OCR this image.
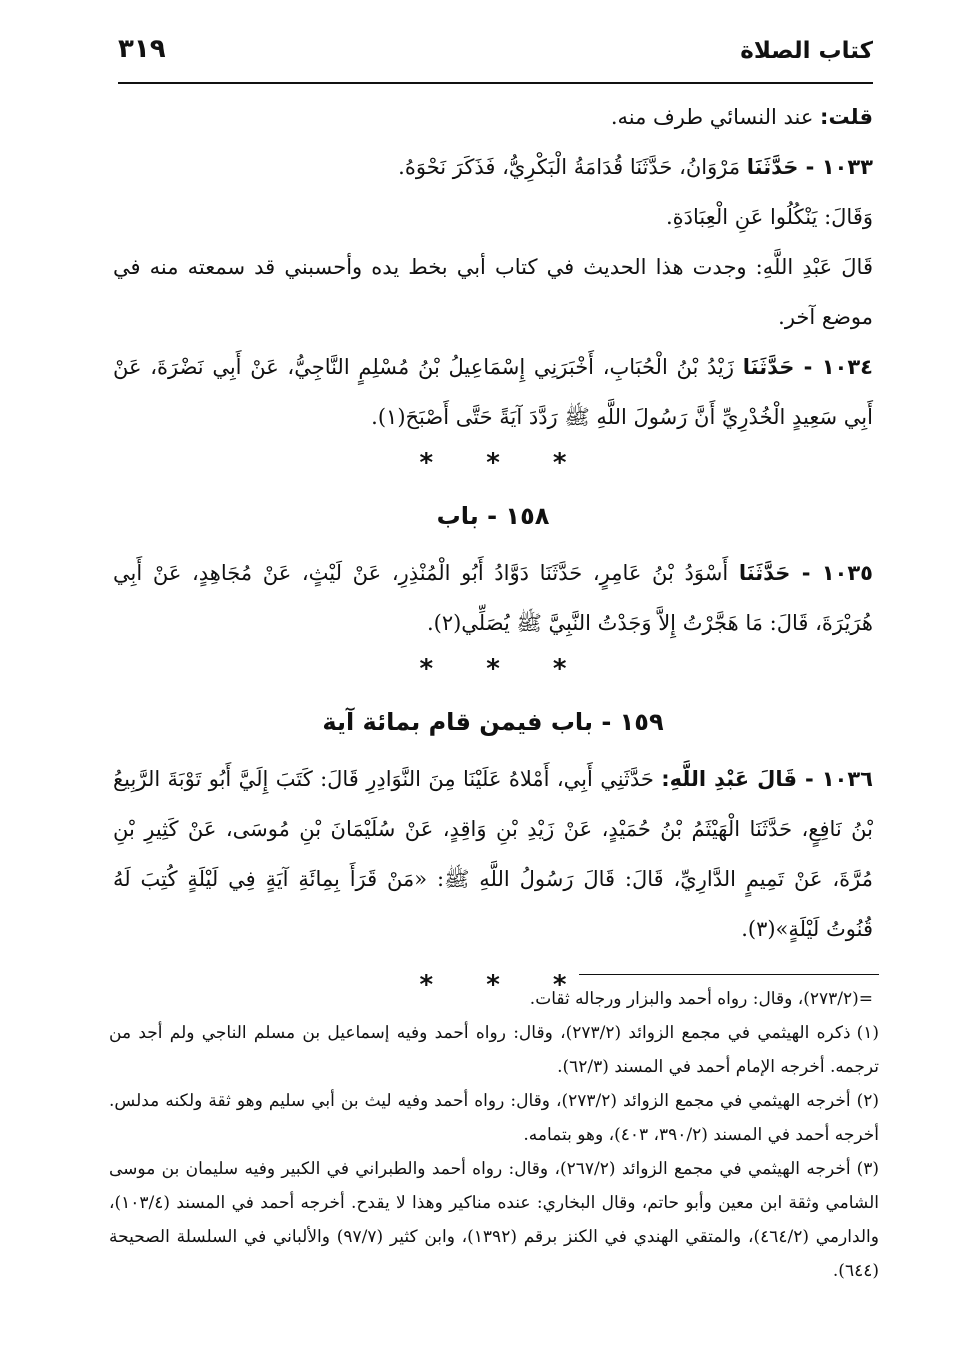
كتاب الصلاة
٣١٩

قلت: عند النسائي طرف منه.

١٠٣٣ - حَدَّثَنَا مَرْوَانُ، حَدَّثَنَا قُدَامَةُ الْبَكْرِيُّ، فَذَكَرَ نَحْوَهُ.

وَقَالَ: يَنْكُلُوا عَنِ الْعِبَادَةِ.

قَالَ عَبْدِ اللَّهِ: وجدت هذا الحديث في كتاب أبي بخط يده وأحسبني قد سمعته منه في موضع آخر.

١٠٣٤ - حَدَّثَنَا زَيْدُ بْنُ الْحُبَابِ، أَخْبَرَنِي إِسْمَاعِيلُ بْنُ مُسْلِمٍ النَّاجِيُّ، عَنْ أَبِي نَضْرَةَ، عَنْ أَبِي سَعِيدٍ الْخُدْرِيِّ أَنَّ رَسُولَ اللَّهِ ﷺ رَدَّدَ آيَةً حَتَّى أَصْبَحَ(١).

* * *
١٥٨ - باب

١٠٣٥ - حَدَّثَنَا أَسْوَدُ بْنُ عَامِرٍ، حَدَّثَنَا دَوَّادُ أَبُو الْمُنْذِرِ، عَنْ لَيْثٍ، عَنْ مُجَاهِدٍ، عَنْ أَبِي هُرَيْرَةَ، قَالَ: مَا هَجَّرْتُ إِلاَّ وَجَدْتُ النَّبِيَّ ﷺ يُصَلِّي(٢).

* * *
١٥٩ - باب فيمن قام بمائة آية

١٠٣٦ - قَالَ عَبْدِ اللَّهِ: حَدَّثَنِي أَبِي، أَمْلاهُ عَلَيْنَا مِنَ النَّوَادِرِ قَالَ: كَتَبَ إِلَيَّ أَبُو تَوْبَةَ الرَّبِيعُ بْنُ نَافِعٍ، حَدَّثَنَا الْهَيْثَمُ بْنُ حُمَيْدٍ، عَنْ زَيْدِ بْنِ وَاقِدٍ، عَنْ سُلَيْمَانَ بْنِ مُوسَى، عَنْ كَثِيرِ بْنِ مُرَّةَ، عَنْ تَمِيمٍ الدَّارِيِّ، قَالَ: قَالَ رَسُولُ اللَّهِ ﷺ: «مَنْ قَرَأَ بِمِائَةِ آيَةٍ فِي لَيْلَةٍ كُتِبَ لَهُ قُنُوتُ لَيْلَةٍ»(٣).

* * *

=(٢٧٣/٢)، وقال: رواه أحمد والبزار ورجاله ثقات.

(١)ذكره الهيثمي في مجمع الزوائد (٢٧٣/٢)، وقال: رواه أحمد وفيه إسماعيل بن مسلم الناجي ولم أجد من ترجمه. أخرجه الإمام أحمد في المسند (٦٢/٣).

(٢)أخرجه الهيثمي في مجمع الزوائد (٢٧٣/٢)، وقال: رواه أحمد وفيه ليث بن أبي سليم وهو ثقة ولكنه مدلس. أخرجه أحمد في المسند (٣٩٠/٢، ٤٠٣)، وهو بتمامه.

(٣)أخرجه الهيثمي في مجمع الزوائد (٢٦٧/٢)، وقال: رواه أحمد والطبراني في الكبير وفيه سليمان بن موسى الشامي وثقة ابن معين وأبو حاتم، وقال البخاري: عنده مناكير وهذا لا يقدح. أخرجه أحمد في المسند (١٠٣/٤)، والدارمي (٤٦٤/٢)، والمتقي الهندي في الكنز برقم (١٣٩٢)، وابن كثير (٩٧/٧) والألباني في السلسلة الصحيحة (٦٤٤).
